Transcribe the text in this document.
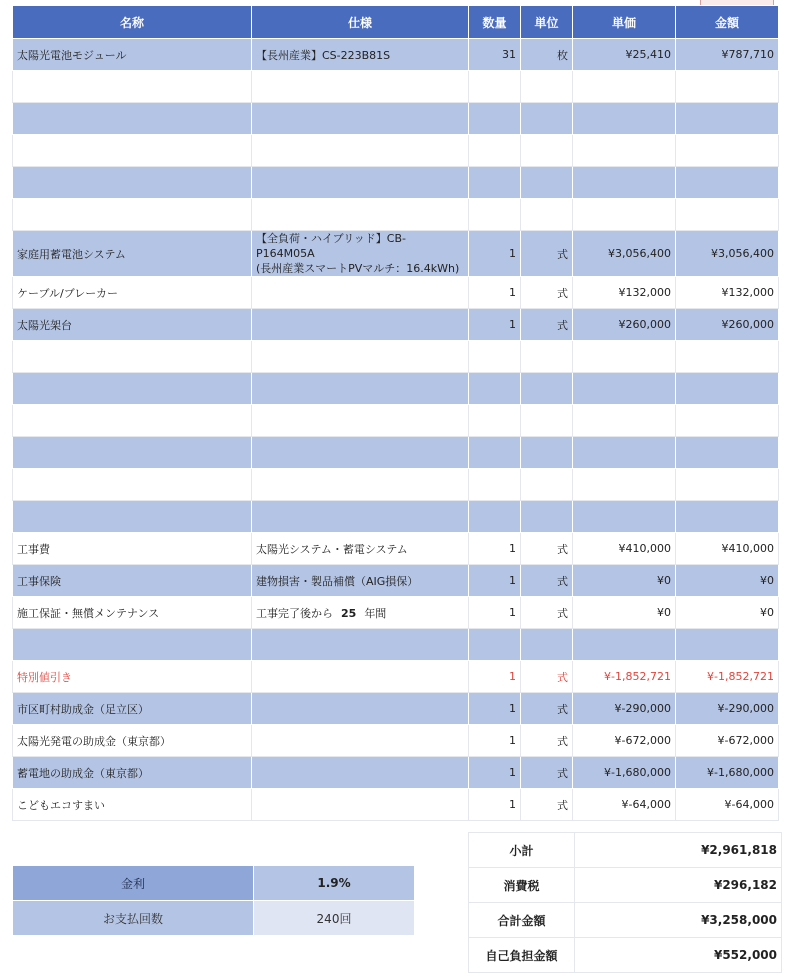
名称	仕様	数量	単位	単価	金額
太陽光電池モジュール	【長州産業】CS-223B81S	31	枚	¥25,410	¥787,710

家庭用蓄電池システム	【全負荷・ハイブリッド】CB-P164M05A
(長州産業スマートPVマルチ：16.4kWh)	1	式	¥3,056,400	¥3,056,400
ケーブル/ブレーカー		1	式	¥132,000	¥132,000
太陽光架台		1	式	¥260,000	¥260,000

工事費	太陽光システム・蓄電システム	1	式	¥410,000	¥410,000
工事保険	建物損害・製品補償（AIG損保）	1	式	¥0	¥0
施工保証・無償メンテナンス	工事完了後から 25 年間	1	式	¥0	¥0

特別値引き		1	式	¥-1,852,721	¥-1,852,721
市区町村助成金（足立区）		1	式	¥-290,000	¥-290,000
太陽光発電の助成金（東京都）		1	式	¥-672,000	¥-672,000
蓄電地の助成金（東京都）		1	式	¥-1,680,000	¥-1,680,000
こどもエコすまい		1	式	¥-64,000	¥-64,000
金利	1.9%
お支払回数	240回
小計	¥2,961,818
消費税	¥296,182
合計金額	¥3,258,000
自己負担金額	¥552,000
